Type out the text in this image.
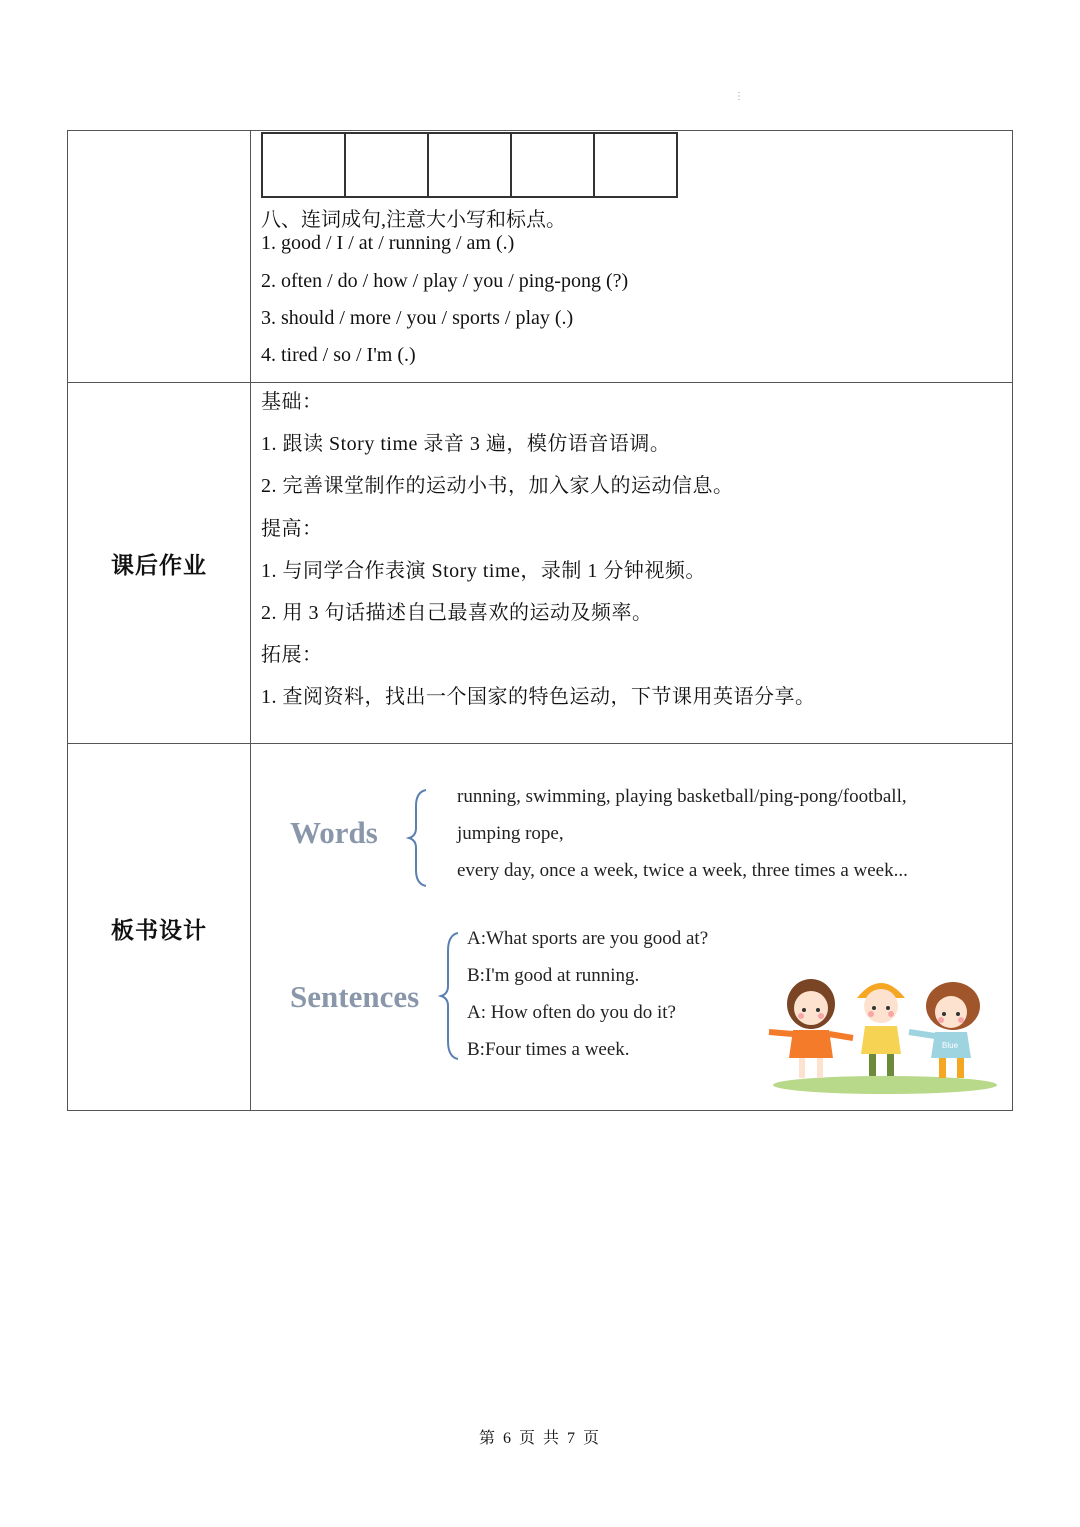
⋮
八、连词成句,注意大小写和标点。
1. good / I / at / running / am (.)
2. often / do / how / play / you / ping-pong (?)
3. should / more / you / sports / play (.)
4. tired / so / I'm (.)
课后作业
基础：
1. 跟读 Story time 录音 3 遍，模仿语音语调。
2. 完善课堂制作的运动小书，加入家人的运动信息。
提高：
1. 与同学合作表演 Story time，录制 1 分钟视频。
2. 用 3 句话描述自己最喜欢的运动及频率。
拓展：
1. 查阅资料，找出一个国家的特色运动，下节课用英语分享。
板书设计
Words
running, swimming, playing basketball/ping-pong/football,
jumping rope,
every day, once a week, twice a week, three times a week...
Sentences
A:What sports are you good at?
B:I'm good at running.
A: How often do you do it?
B:Four times a week.	Blue
第 6 页 共 7 页
